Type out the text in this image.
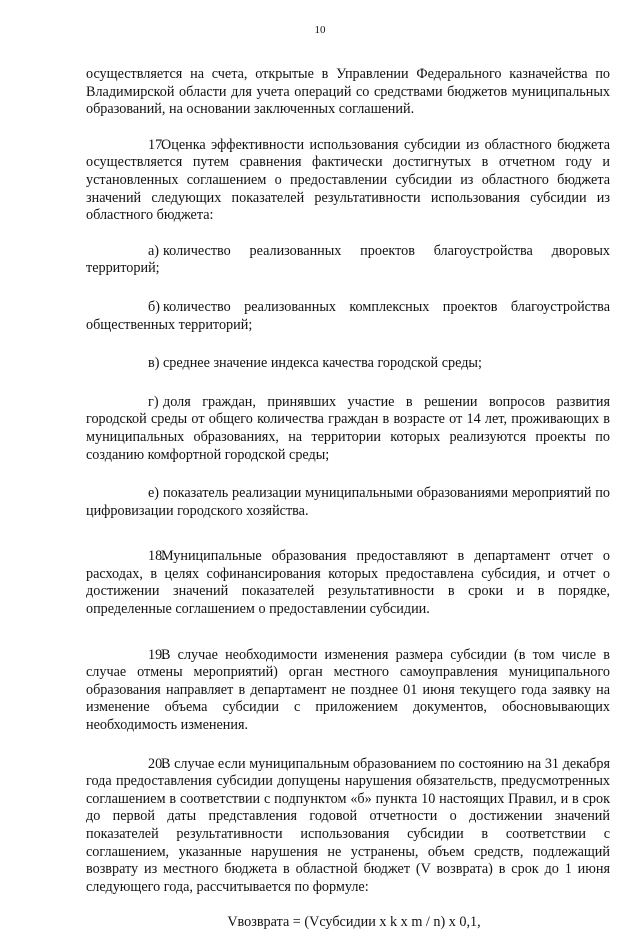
10

осуществляется на счета, открытые в Управлении Федерального казначейства по Владимирской области для учета операций со средствами бюджетов муниципальных образований, на основании заключенных соглашений.

17.Оценка эффективности использования субсидии из областного бюджета осуществляется путем сравнения фактически достигнутых в отчетном году и установленных соглашением о предоставлении субсидии из областного бюджета значений следующих показателей результативности использования субсидии из областного бюджета:

а) количество реализованных проектов благоустройства дворовых территорий;

б) количество реализованных комплексных проектов благоустройства общественных территорий;

в) среднее значение индекса качества городской среды;

г) доля граждан, принявших участие в решении вопросов развития городской среды от общего количества граждан в возрасте от 14 лет, проживающих в муниципальных образованиях, на территории которых реализуются проекты по созданию комфортной городской среды;

е) показатель реализации муниципальными образованиями мероприятий по цифровизации городского хозяйства.

18.Муниципальные образования предоставляют в департамент отчет о расходах, в целях софинансирования которых предоставлена субсидия, и отчет о достижении значений показателей результативности в сроки и в порядке, определенные соглашением о предоставлении субсидии.

19.В случае необходимости изменения размера субсидии (в том числе в случае отмены мероприятий) орган местного самоуправления муниципального образования направляет в департамент не позднее 01 июня текущего года заявку на изменение объема субсидии с приложением документов, обосновывающих необходимость изменения.

20.В случае если муниципальным образованием по состоянию на 31 декабря года предоставления субсидии допущены нарушения обязательств, предусмотренных соглашением в соответствии с подпунктом «б» пункта 10 настоящих Правил, и в срок до первой даты представления годовой отчетности о достижении значений показателей результативности использования субсидии в соответствии с соглашением, указанные нарушения не устранены, объем средств, подлежащий возврату из местного бюджета в областной бюджет (V возврата) в срок до 1 июня следующего года, рассчитывается по формуле:

Vвозврата = (Vсубсидии x k x m / n) x 0,1,
